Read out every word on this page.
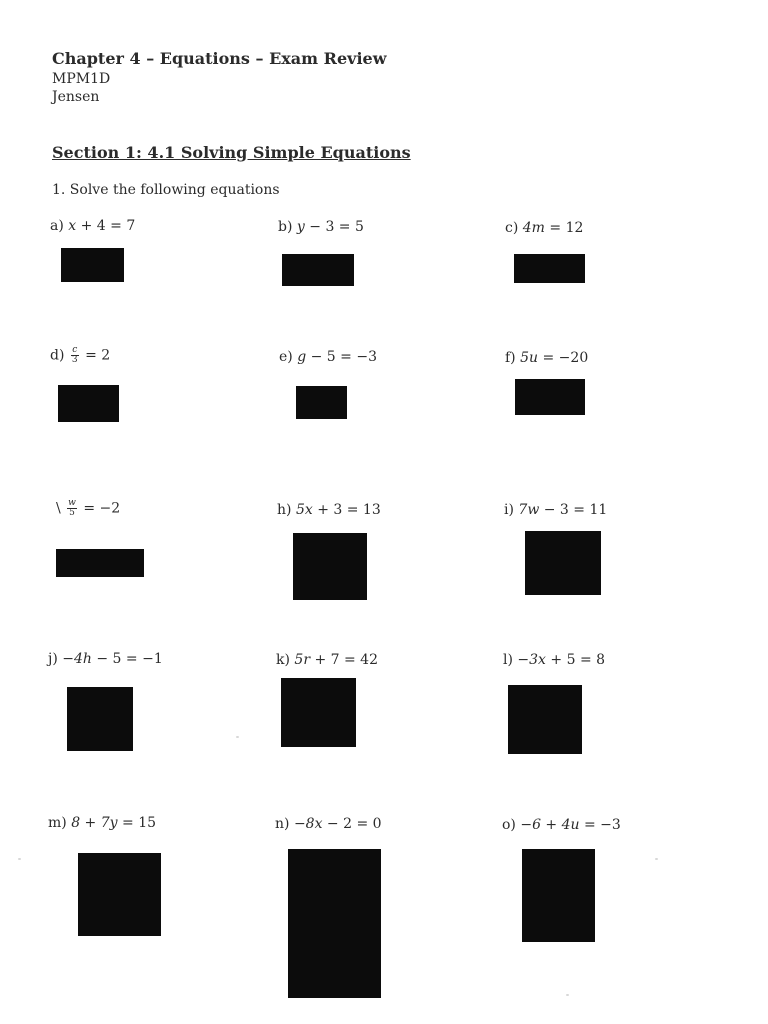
Chapter 4 – Equations – Exam Review

MPM1D

Jensen

Section 1: 4.1 Solving Simple Equations

1. Solve the following equations

a) x + 4 = 7	b) y − 3 = 5	c) 4m = 12
$d) \frac{c}{3} = 2$	e) g − 5 = −3	f) 5u = −20
\ $\frac{w}{5} = -2$	h) 5x + 3 = 13	i) 7w − 3 = 11
j) −4h − 5 = −1	k) 5r + 7 = 42	l) −3x + 5 = 8
m) 8 + 7y = 15	n) −8x − 2 = 0	o) −6 + 4u = −3
